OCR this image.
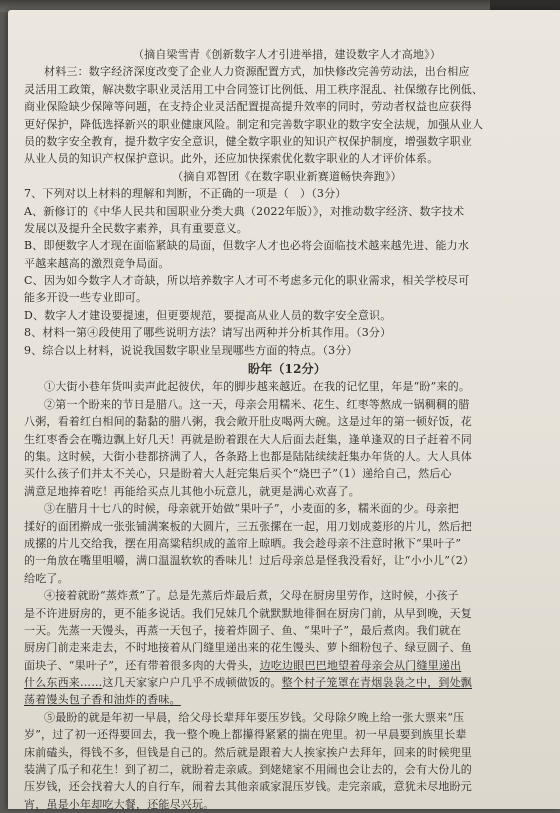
（摘自梁雪青《创新数字人才引进举措，建设数字人才高地》）
材料三：数字经济深度改变了企业人力资源配置方式，加快修改完善劳动法，出台相应
灵活用工政策，解决数字职业灵活用工中合同签订比例低、用工秩序混乱、社保缴存比例低、
商业保险缺少保障等问题，在支持企业灵活配置提高提升效率的同时，劳动者权益也应获得
更好保护，降低选择新兴的职业健康风险。制定和完善数字职业的数字安全法规，加强从业人
员的数字安全教育，提升数字安全意识，健全数字职业的知识产权保护制度，增强数字职业
从业人员的知识产权保护意识。此外，还应加快探索优化数字职业的人才评价体系。
（摘自邓智团《在数字职业新赛道畅快奔跑》）
7、下列对以上材料的理解和判断，不正确的一项是（　）（3分）
A、新修订的《中华人民共和国职业分类大典（2022年版）》，对推动数字经济、数字技术
发展以及提升全民数字素养，具有重要意义。
B、即便数字人才现在面临紧缺的局面，但数字人才也必将会面临技术越来越先进、能力水
平越来越高的激烈竞争局面。
C、因为如今数字人才奇缺，所以培养数字人才可不考虑多元化的职业需求，相关学校尽可
能多开设一些专业即可。
D、数字人才建设要提速，但更要规范，要提高从业人员的数字安全意识。
8、材料一第④段使用了哪些说明方法？请写出两种并分析其作用。（3分）
9、综合以上材料，说说我国数字职业呈现哪些方面的特点。（3分）
盼年（12分）
①大街小巷年货叫卖声此起彼伏，年的脚步越来越近。在我的记忆里，年是“盼”来的。
②第一个盼来的节日是腊八。这一天，母亲会用糯米、花生、红枣等熬成一锅稠稠的腊
八粥，看着红白相间的黏黏的腊八粥，我会敞开肚皮喝两大碗。这是过年的第一顿好饭，花
生红枣香会在嘴边飘上好几天！再就是盼着跟在大人后面去赶集，逢单逢双的日子赶着不同
的集。这时候，大街小巷都挤满了人，各条路上也都是陆陆续续赶集办年货的人。大人具体
买什么孩子们并太不关心，只是盼着大人赶完集后买个“烧巴子”（1）递给自己，然后心
满意足地捧着吃！再能给买点儿其他小玩意儿，就更是满心欢喜了。
③在腊月十七八的时候，母亲就开始做“果叶子”，小麦面的多，糯米面的少。母亲把
揉好的面团擀成一张张铺满案板的大圆片，三五张摞在一起，用刀划成菱形的片儿，然后把
成摞的片儿交给我，摆在用高粱秸织成的盖帘上晾晒。我会趁母亲不注意时揪下“果叶子”
的一角放在嘴里咀嚼，满口温温软软的香味儿！过后母亲总是怪我没看好，让“小小儿”（2）
给吃了。
④接着就盼“蒸炸煮”了。总是先蒸后炸最后煮，父母在厨房里劳作，这时候，小孩子
是不许进厨房的，更不能多说话。我们兄妹几个就默默地徘徊在厨房门前，从早到晚，天复
一天。先蒸一天馒头，再蒸一天包子，接着炸圆子、鱼、“果叶子”，最后煮肉。我们就在
厨房门前走来走去，不时地接着从门缝里递出来的花生馒头、萝卜细粉包子、绿豆圆子、鱼
面块子、“果叶子”，还有带着很多肉的大骨头，边吃边眼巴巴地望着母亲会从门缝里递出
什么东西来……这几天家家户户几乎不成顿做饭的。整个村子笼罩在青烟袅袅之中，到处飘
荡着馒头包子香和油炸的香味。
⑤最盼的就是年初一早晨，给父母长辈拜年要压岁钱。父母除夕晚上给一张大票来“压
岁”，过了初一还得要回去，我一整个晚上都攥得紧紧的揣在兜里。初一早晨要到族里长辈
床前磕头，得钱不多，但钱是自己的。然后就是跟着大人挨家挨户去拜年，回来的时候兜里
装满了瓜子和花生！到了初二，就盼着走亲戚。到姥姥家不用闹也会让去的，会有大份儿的
压岁钱，还会找着大人的自行车，闹着去其他亲戚家混压岁钱。走完亲戚，意犹未尽地盼元
宵，虽是小年却吃大餐，还能尽兴玩。
